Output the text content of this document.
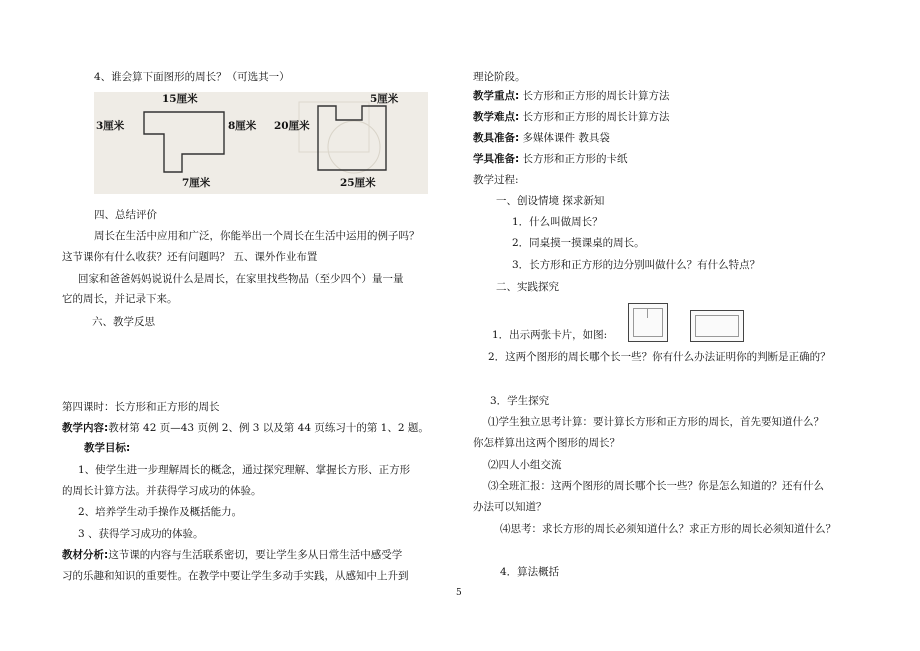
4、谁会算下面图形的周长？（可选其一）
15厘米
3厘米	8厘米
7厘米
20厘米
5厘米
25厘米
四、总结评价
周长在生活中应用和广泛，你能举出一个周长在生活中运用的例子吗？
这节课你有什么收获？还有问题吗？ 五、课外作业布置
回家和爸爸妈妈说说什么是周长，在家里找些物品（至少四个）量一量
它的周长，并记录下来。
六、教学反思
第四课时：长方形和正方形的周长
教学内容:教材第 42 页—43 页例 2、例 3 以及第 44 页练习十的第 1、2 题。
教学目标:
1、使学生进一步理解周长的概念，通过探究理解、掌握长方形、正方形
的周长计算方法。并获得学习成功的体验。
2、培养学生动手操作及概括能力。
3 、获得学习成功的体验。
教材分析:这节课的内容与生活联系密切，要让学生多从日常生活中感受学
习的乐趣和知识的重要性。在教学中要让学生多动手实践，从感知中上升到
理论阶段。
教学重点: 长方形和正方形的周长计算方法
教学难点: 长方形和正方形的周长计算方法
教具准备: 多媒体课件 教具袋
学具准备: 长方形和正方形的卡纸
教学过程:
一、创设情境 探求新知
1．什么叫做周长？
2．同桌摸一摸课桌的周长。
3．长方形和正方形的边分别叫做什么？有什么特点？
二、实践探究
1．出示两张卡片，如图:
2．这两个图形的周长哪个长一些？你有什么办法证明你的判断是正确的？
3．学生探究
⑴学生独立思考计算：要计算长方形和正方形的周长，首先要知道什么？
你怎样算出这两个图形的周长？
⑵四人小组交流
⑶全班汇报：这两个图形的周长哪个长一些？你是怎么知道的？还有什么
办法可以知道？
⑷思考：求长方形的周长必须知道什么？求正方形的周长必须知道什么？
4．算法概括
5
